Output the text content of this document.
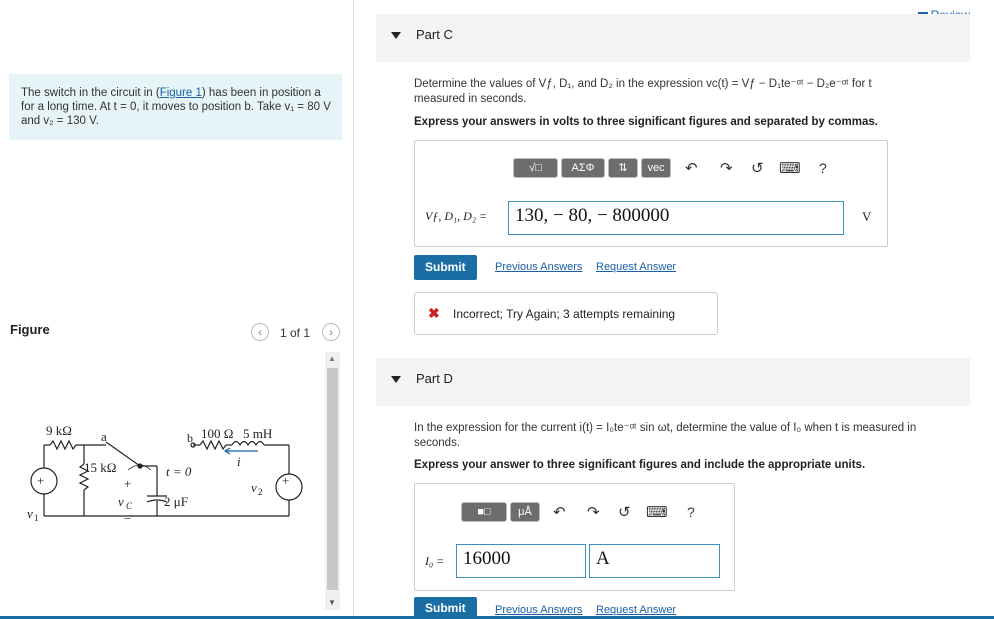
The switch in the circuit in (Figure 1) has been in position a for a long time. At t = 0, it moves to position b. Take v₁ = 80 V and v₂ = 130 V.
Figure	‹	1 of 1	›
▲
▼
9 kΩ a	b
15 kΩ
100 Ω 5 mH
i
t = 0
+
−
v C 2 μF
+	+
v 1
v 2
Part C
Determine the values of Vƒ, D₁, and D₂ in the expression vᴄ(t) = Vƒ − D₁te⁻ᵅᵗ − D₂e⁻ᵅᵗ for t
measured in seconds.
Express your answers in volts to three significant figures and separated by commas.
√□	AΣΦ	⇅	vec	↶ ↷ ↺ ⌨ ?
Vƒ, D₁, D₂ =	130, − 80, − 800000	V
Submit	Previous Answers Request Answer
✖ Incorrect; Try Again; 3 attempts remaining
Part D
In the expression for the current i(t) = I₀te⁻ᵅᵗ sin ωt, determine the value of I₀ when t is measured in
seconds.
Express your answer to three significant figures and include the appropriate units.
■□	μÅ	↶ ↷ ↺ ⌨ ?
I₀ = 16000	A
Submit	Previous Answers Request Answer
